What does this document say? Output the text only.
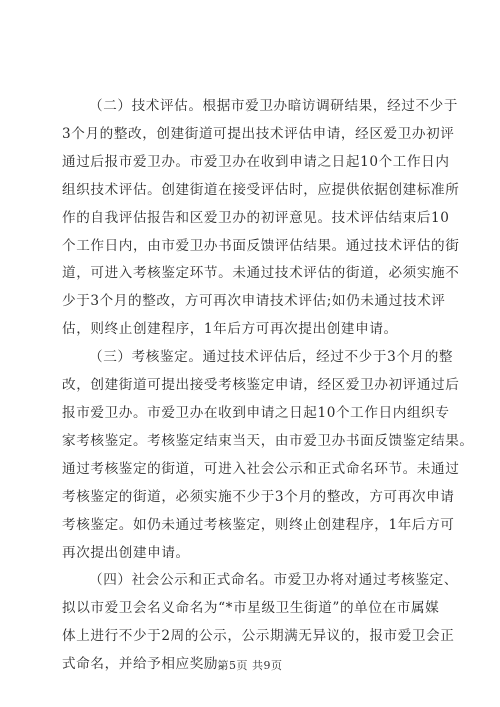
（二）技术评估。根据市爱卫办暗访调研结果，经过不少于
3个月的整改，创建街道可提出技术评估申请，经区爱卫办初评
通过后报市爱卫办。市爱卫办在收到申请之日起10个工作日内
组织技术评估。创建街道在接受评估时，应提供依据创建标准所
作的自我评估报告和区爱卫办的初评意见。技术评估结束后10
个工作日内，由市爱卫办书面反馈评估结果。通过技术评估的街
道，可进入考核鉴定环节。未通过技术评估的街道，必须实施不
少于3个月的整改，方可再次申请技术评估;如仍未通过技术评
估，则终止创建程序，1年后方可再次提出创建申请。
（三）考核鉴定。通过技术评估后，经过不少于3个月的整
改，创建街道可提出接受考核鉴定申请，经区爱卫办初评通过后
报市爱卫办。市爱卫办在收到申请之日起10个工作日内组织专
家考核鉴定。考核鉴定结束当天，由市爱卫办书面反馈鉴定结果。
通过考核鉴定的街道，可进入社会公示和正式命名环节。未通过
考核鉴定的街道，必须实施不少于3个月的整改，方可再次申请
考核鉴定。如仍未通过考核鉴定，则终止创建程序，1年后方可
再次提出创建申请。
（四）社会公示和正式命名。市爱卫办将对通过考核鉴定、
拟以市爱卫会名义命名为“*市星级卫生街道”的单位在市属媒
体上进行不少于2周的公示，公示期满无异议的，报市爱卫会正
式命名，并给予相应奖励。
第5页 共9页
